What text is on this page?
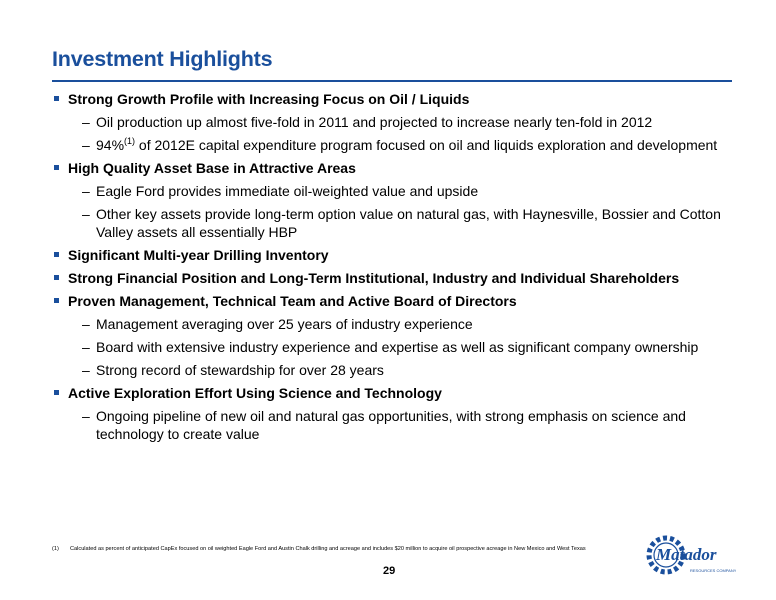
Investment Highlights
Strong Growth Profile with Increasing Focus on Oil / Liquids
– Oil production up almost five-fold in 2011 and projected to increase nearly ten-fold in 2012
– 94%$^{(1)}$ of 2012E capital expenditure program focused on oil and liquids exploration and development
High Quality Asset Base in Attractive Areas
– Eagle Ford provides immediate oil-weighted value and upside
– Other key assets provide long-term option value on natural gas, with Haynesville, Bossier and Cotton Valley assets all essentially HBP
Significant Multi-year Drilling Inventory
Strong Financial Position and Long-Term Institutional, Industry and Individual Shareholders
Proven Management, Technical Team and Active Board of Directors
– Management averaging over 25 years of industry experience
– Board with extensive industry experience and expertise as well as significant company ownership
– Strong record of stewardship for over 28 years
Active Exploration Effort Using Science and Technology
– Ongoing pipeline of new oil and natural gas opportunities, with strong emphasis on science and technology to create value
(1) Calculated as percent of anticipated CapEx focused on oil weighted Eagle Ford and Austin Chalk drilling and acreage and includes $20 million to acquire oil prospective acreage in New Mexico and West Texas
29
Matador
RESOURCES COMPANY
